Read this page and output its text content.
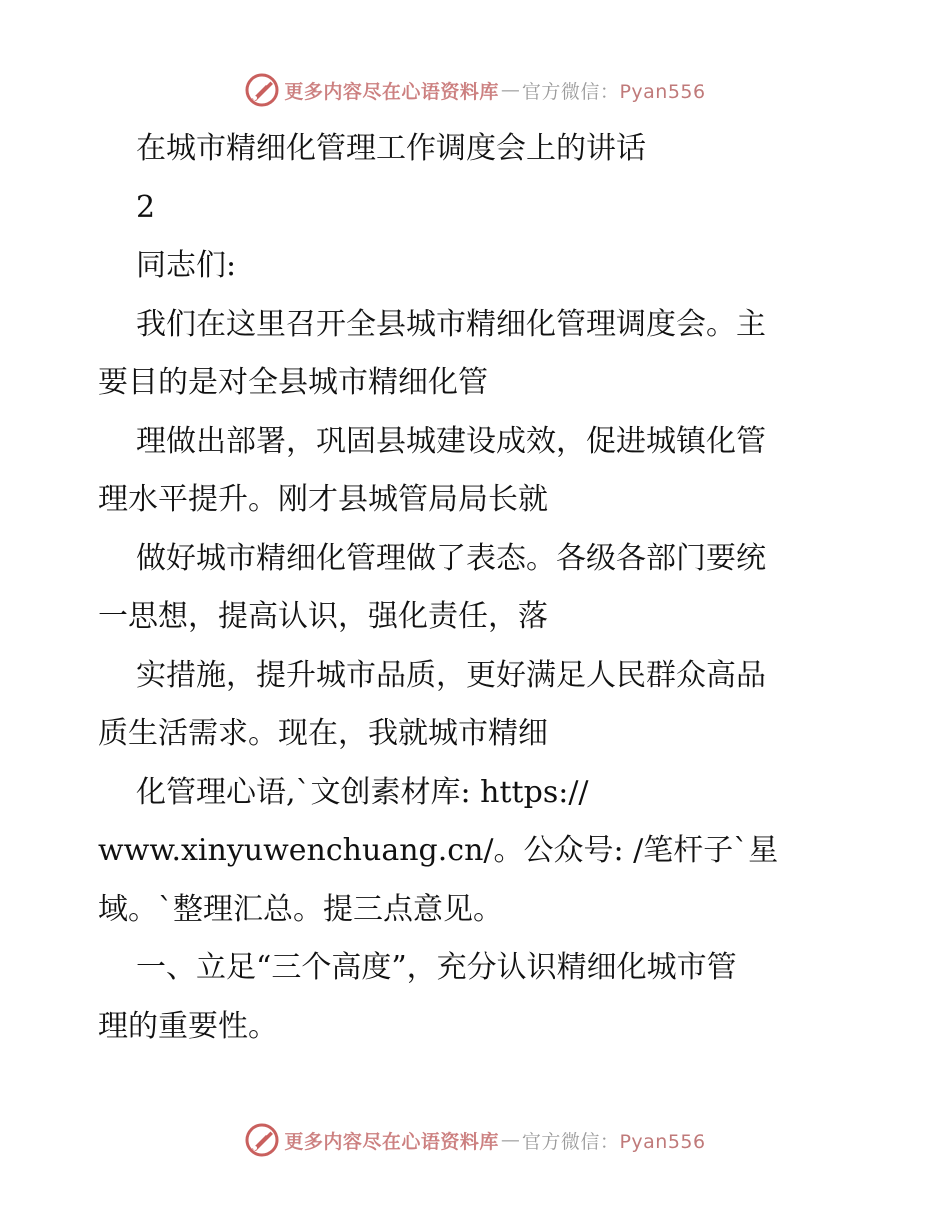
更多内容尽在心语资料库 — 官方微信：Pyan556
在城市精细化管理工作调度会上的讲话
2
同志们:
我们在这里召开全县城市精细化管理调度会。主
要目的是对全县城市精细化管
理做出部署，巩固县城建设成效，促进城镇化管
理水平提升。刚才县城管局局长就
做好城市精细化管理做了表态。各级各部门要统
一思想，提高认识，强化责任，落
实措施，提升城市品质，更好满足人民群众高品
质生活需求。现在，我就城市精细
化管理心语,`文创素材库: https://
www.xinyuwenchuang.cn/。公众号: /笔杆子`星
域。`整理汇总。提三点意见。
一、立足“三个高度”，充分认识精细化城市管
理的重要性。
更多内容尽在心语资料库 — 官方微信：Pyan556
